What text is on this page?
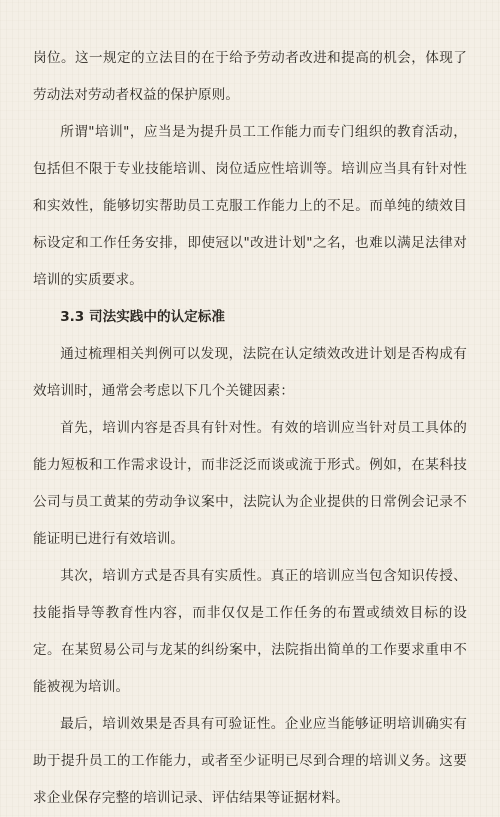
岗位。这一规定的立法目的在于给予劳动者改进和提高的机会，体现了劳动法对劳动者权益的保护原则。

所谓"培训"，应当是为提升员工工作能力而专门组织的教育活动，包括但不限于专业技能培训、岗位适应性培训等。培训应当具有针对性和实效性，能够切实帮助员工克服工作能力上的不足。而单纯的绩效目标设定和工作任务安排，即使冠以"改进计划"之名，也难以满足法律对培训的实质要求。

3.3 司法实践中的认定标准

通过梳理相关判例可以发现，法院在认定绩效改进计划是否构成有效培训时，通常会考虑以下几个关键因素：

首先，培训内容是否具有针对性。有效的培训应当针对员工具体的能力短板和工作需求设计，而非泛泛而谈或流于形式。例如，在某科技公司与员工黄某的劳动争议案中，法院认为企业提供的日常例会记录不能证明已进行有效培训。

其次，培训方式是否具有实质性。真正的培训应当包含知识传授、技能指导等教育性内容，而非仅仅是工作任务的布置或绩效目标的设定。在某贸易公司与龙某的纠纷案中，法院指出简单的工作要求重申不能被视为培训。

最后，培训效果是否具有可验证性。企业应当能够证明培训确实有助于提升员工的工作能力，或者至少证明已尽到合理的培训义务。这要求企业保存完整的培训记录、评估结果等证据材料。
